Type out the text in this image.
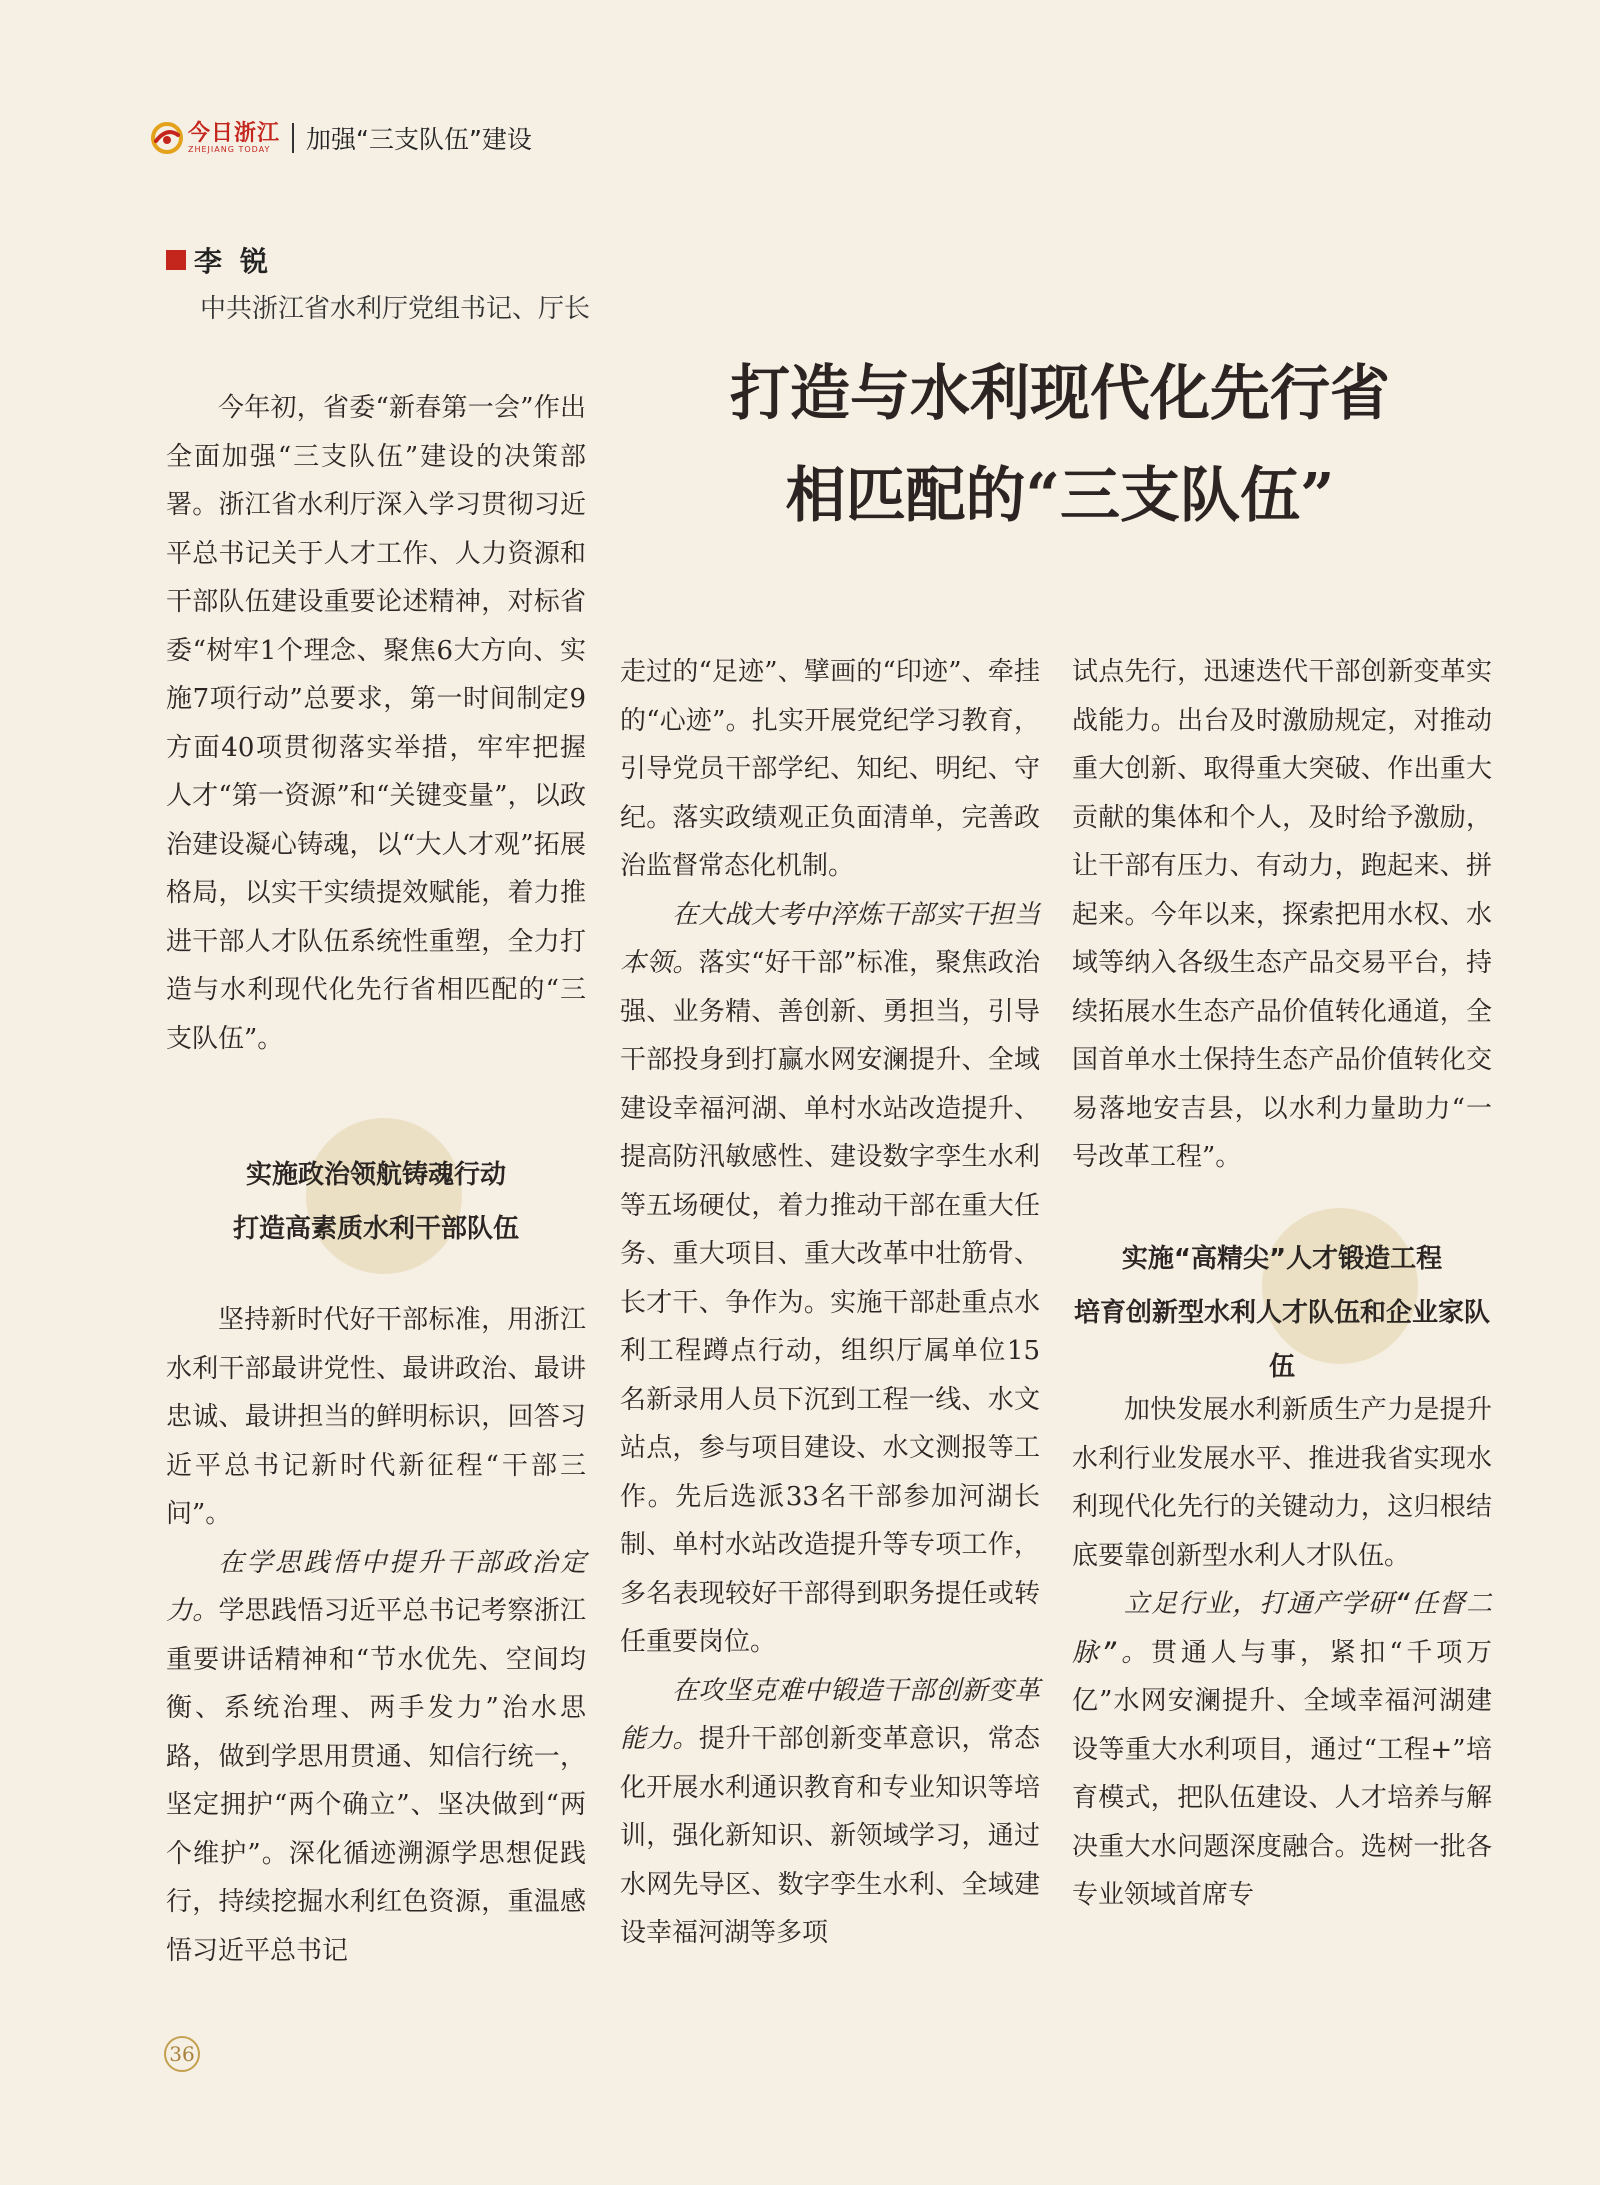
今日浙江
ZHEJIANG TODAY	加强“三支队伍”建设
李锐
中共浙江省水利厅党组书记、厅长
打造与水利现代化先行省
相匹配的“三支队伍”

今年初，省委“新春第一会”作出全面加强“三支队伍”建设的决策部署。浙江省水利厅深入学习贯彻习近平总书记关于人才工作、人力资源和干部队伍建设重要论述精神，对标省委“树牢1个理念、聚焦6大方向、实施7项行动”总要求，第一时间制定9方面40项贯彻落实举措，牢牢把握人才“第一资源”和“关键变量”，以政治建设凝心铸魂，以“大人才观”拓展格局，以实干实绩提效赋能，着力推进干部人才队伍系统性重塑，全力打造与水利现代化先行省相匹配的“三支队伍”。

实施政治领航铸魂行动
打造高素质水利干部队伍

坚持新时代好干部标准，用浙江水利干部最讲党性、最讲政治、最讲忠诚、最讲担当的鲜明标识，回答习近平总书记新时代新征程“干部三问”。

在学思践悟中提升干部政治定力。学思践悟习近平总书记考察浙江重要讲话精神和“节水优先、空间均衡、系统治理、两手发力”治水思路，做到学思用贯通、知信行统一，坚定拥护“两个确立”、坚决做到“两个维护”。深化循迹溯源学思想促践行，持续挖掘水利红色资源，重温感悟习近平总书记

走过的“足迹”、擘画的“印迹”、牵挂的“心迹”。扎实开展党纪学习教育，引导党员干部学纪、知纪、明纪、守纪。落实政绩观正负面清单，完善政治监督常态化机制。

在大战大考中淬炼干部实干担当本领。落实“好干部”标准，聚焦政治强、业务精、善创新、勇担当，引导干部投身到打赢水网安澜提升、全域建设幸福河湖、单村水站改造提升、提高防汛敏感性、建设数字孪生水利等五场硬仗，着力推动干部在重大任务、重大项目、重大改革中壮筋骨、长才干、争作为。实施干部赴重点水利工程蹲点行动，组织厅属单位15名新录用人员下沉到工程一线、水文站点，参与项目建设、水文测报等工作。先后选派33名干部参加河湖长制、单村水站改造提升等专项工作，多名表现较好干部得到职务提任或转任重要岗位。

在攻坚克难中锻造干部创新变革能力。提升干部创新变革意识，常态化开展水利通识教育和专业知识等培训，强化新知识、新领域学习，通过水网先导区、数字孪生水利、全域建设幸福河湖等多项

试点先行，迅速迭代干部创新变革实战能力。出台及时激励规定，对推动重大创新、取得重大突破、作出重大贡献的集体和个人，及时给予激励，让干部有压力、有动力，跑起来、拼起来。今年以来，探索把用水权、水域等纳入各级生态产品交易平台，持续拓展水生态产品价值转化通道，全国首单水土保持生态产品价值转化交易落地安吉县，以水利力量助力“一号改革工程”。

实施“高精尖”人才锻造工程
培育创新型水利人才队伍和企业家队伍

加快发展水利新质生产力是提升水利行业发展水平、推进我省实现水利现代化先行的关键动力，这归根结底要靠创新型水利人才队伍。

立足行业，打通产学研“任督二脉”。贯通人与事，紧扣“千项万亿”水网安澜提升、全域幸福河湖建设等重大水利项目，通过“工程+”培育模式，把队伍建设、人才培养与解决重大水问题深度融合。选树一批各专业领域首席专

36
